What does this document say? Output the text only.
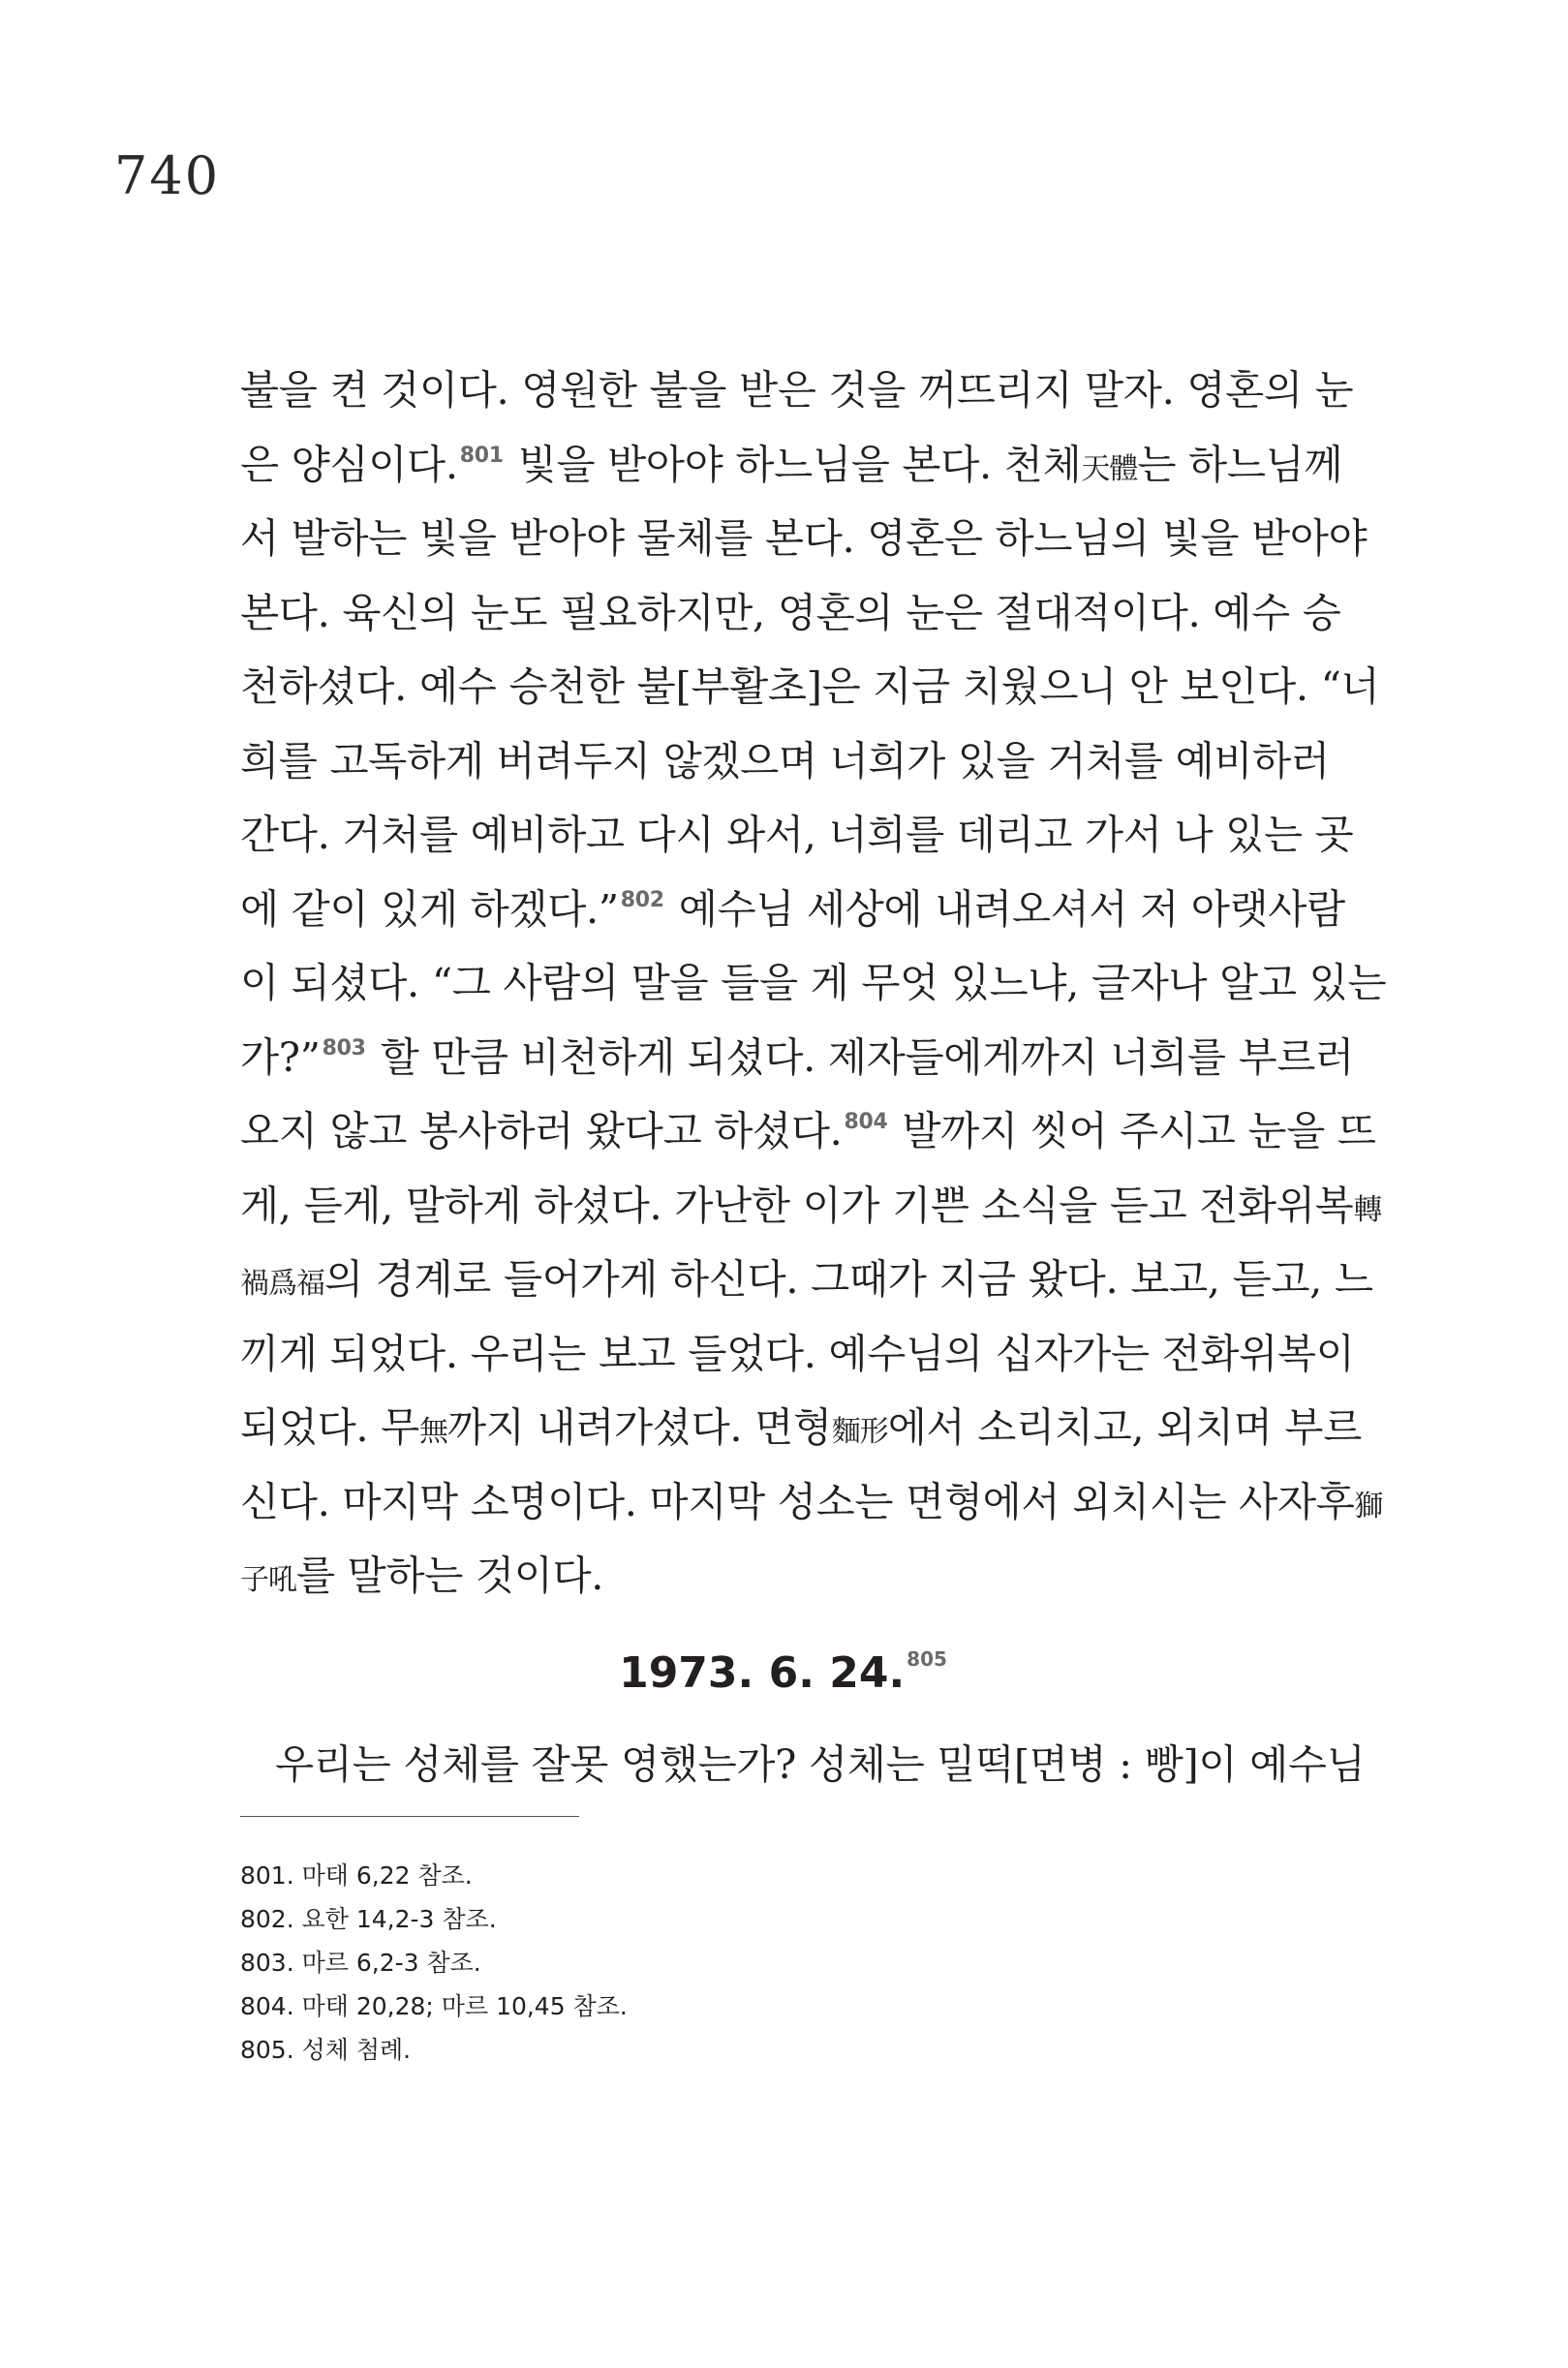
740
불을 켠 것이다. 영원한 불을 받은 것을 꺼뜨리지 말자. 영혼의 눈
은 양심이다.$^{801}$ 빛을 받아야 하느님을 본다. 천체天體는 하느님께
서 발하는 빛을 받아야 물체를 본다. 영혼은 하느님의 빛을 받아야
본다. 육신의 눈도 필요하지만, 영혼의 눈은 절대적이다. 예수 승
천하셨다. 예수 승천한 불[부활초]은 지금 치웠으니 안 보인다. “너
희를 고독하게 버려두지 않겠으며 너희가 있을 거처를 예비하러
간다. 거처를 예비하고 다시 와서, 너희를 데리고 가서 나 있는 곳
에 같이 있게 하겠다.”$^{802}$ 예수님 세상에 내려오셔서 저 아랫사람
이 되셨다. “그 사람의 말을 들을 게 무엇 있느냐, 글자나 알고 있는
가?”$^{803}$ 할 만큼 비천하게 되셨다. 제자들에게까지 너희를 부르러
오지 않고 봉사하러 왔다고 하셨다.$^{804}$ 발까지 씻어 주시고 눈을 뜨
게, 듣게, 말하게 하셨다. 가난한 이가 기쁜 소식을 듣고 전화위복轉
禍爲福의 경계로 들어가게 하신다. 그때가 지금 왔다. 보고, 듣고, 느
끼게 되었다. 우리는 보고 들었다. 예수님의 십자가는 전화위복이
되었다. 무無까지 내려가셨다. 면형麵形에서 소리치고, 외치며 부르
신다. 마지막 소명이다. 마지막 성소는 면형에서 외치시는 사자후獅
子吼를 말하는 것이다.
1973. 6. 24. $^{805}$
우리는 성체를 잘못 영했는가? 성체는 밀떡[면병 : 빵]이 예수님
801. 마태 6,22 참조.
802. 요한 14,2-3 참조.
803. 마르 6,2-3 참조.
804. 마태 20,28; 마르 10,45 참조.
805. 성체 첨례.
